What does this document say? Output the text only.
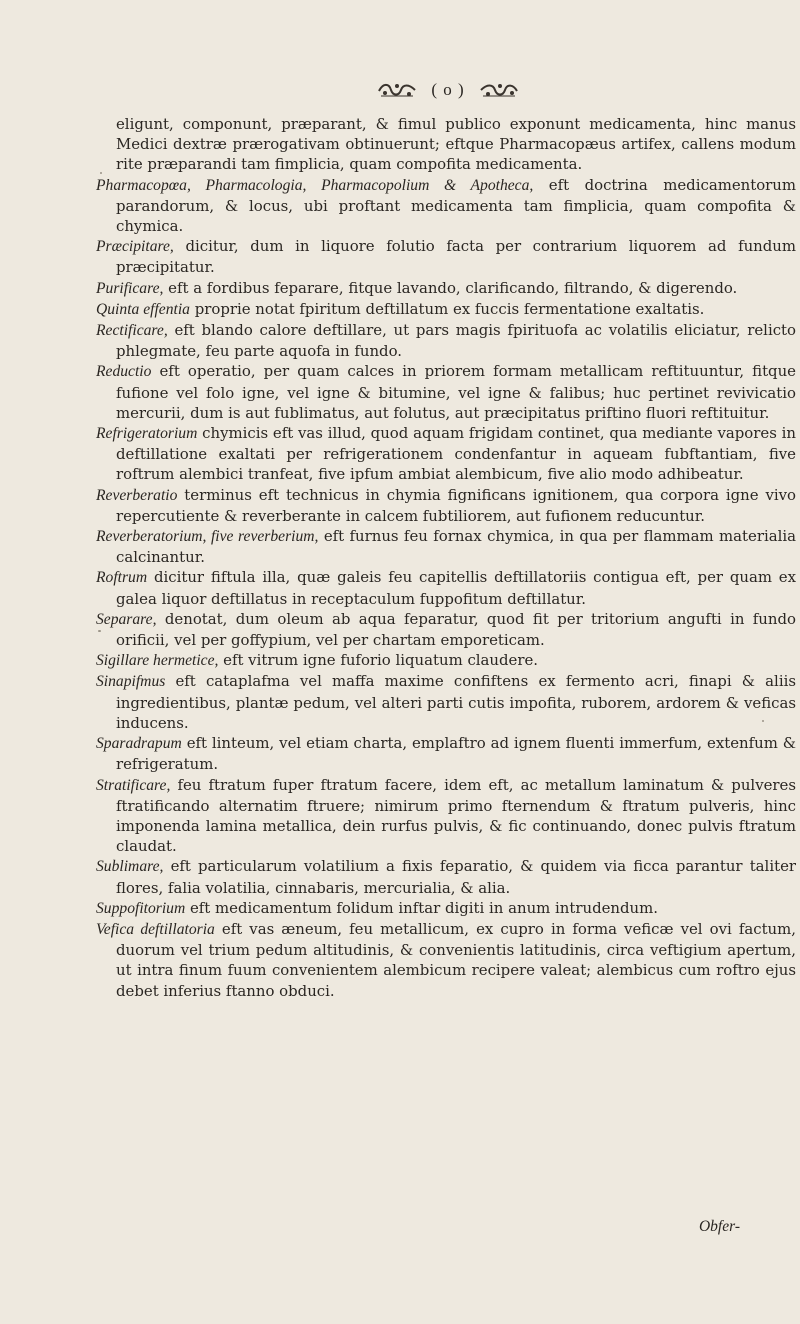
( o )

eligunt, componunt, præparant, & fimul publico exponunt medicamenta, hinc manus Medici dextræ prærogativam obtinuerunt; eftque Pharmacopæus artifex, callens modum rite præparandi tam fimplicia, quam compofita medicamenta.

Pharmacopœa, Pharmacologia, Pharmacopolium & Apotheca, eft doctrina medicamentorum parandorum, & locus, ubi proftant medicamenta tam fimplicia, quam compofita & chymica.

Præcipitare, dicitur, dum in liquore folutio facta per contrarium liquorem ad fundum præcipitatur.

Purificare, eft a fordibus feparare, fitque lavando, clarificando, filtrando, & digerendo.

Quinta effentia proprie notat fpiritum deftillatum ex fuccis fermentatione exaltatis.

Rectificare, eft blando calore deftillare, ut pars magis fpirituofa ac volatilis eliciatur, relicto phlegmate, feu parte aquofa in fundo.

Reductio eft operatio, per quam calces in priorem formam metallicam reftituuntur, fitque fufione vel folo igne, vel igne & bitumine, vel igne & falibus; huc pertinet revivicatio mercurii, dum is aut fublimatus, aut folutus, aut præcipitatus priftino fluori reftituitur.

Refrigeratorium chymicis eft vas illud, quod aquam frigidam continet, qua mediante vapores in deftillatione exaltati per refrigerationem condenfantur in aqueam fubftantiam, five roftrum alembici tranfeat, five ipfum ambiat alembicum, five alio modo adhibeatur.

Reverberatio terminus eft technicus in chymia fignificans ignitionem, qua corpora igne vivo repercutiente & reverberante in calcem fubtiliorem, aut fufionem reducuntur.

Reverberatorium, five reverberium, eft furnus feu fornax chymica, in qua per flammam materialia calcinantur.

Roftrum dicitur fiftula illa, quæ galeis feu capitellis deftillatoriis contigua eft, per quam ex galea liquor deftillatus in receptaculum fuppofitum deftillatur.

Separare, denotat, dum oleum ab aqua feparatur, quod fit per tritorium angufti in fundo orificii, vel per goffypium, vel per chartam emporeticam.

Sigillare hermetice, eft vitrum igne fuforio liquatum claudere.

Sinapifmus eft cataplafma vel maffa maxime confiftens ex fermento acri, finapi & aliis ingredientibus, plantæ pedum, vel alteri parti cutis impofita, ruborem, ardorem & veficas inducens.

Sparadrapum eft linteum, vel etiam charta, emplaftro ad ignem fluenti immerfum, extenfum & refrigeratum.

Stratificare, feu ftratum fuper ftratum facere, idem eft, ac metallum laminatum & pulveres ftratificando alternatim ftruere; nimirum primo fternendum & ftratum pulveris, hinc imponenda lamina metallica, dein rurfus pulvis, & fic continuando, donec pulvis ftratum claudat.

Sublimare, eft particularum volatilium a fixis feparatio, & quidem via ficca parantur taliter flores, falia volatilia, cinnabaris, mercurialia, & alia.

Suppofitorium eft medicamentum folidum inftar digiti in anum intrudendum.

Vefica deftillatoria eft vas æneum, feu metallicum, ex cupro in forma veficæ vel ovi factum, duorum vel trium pedum altitudinis, & convenientis latitudinis, circa veftigium apertum, ut intra finum fuum convenientem alembicum recipere valeat; alembicus cum roftro ejus debet inferius ftanno obduci.

Obfer-
